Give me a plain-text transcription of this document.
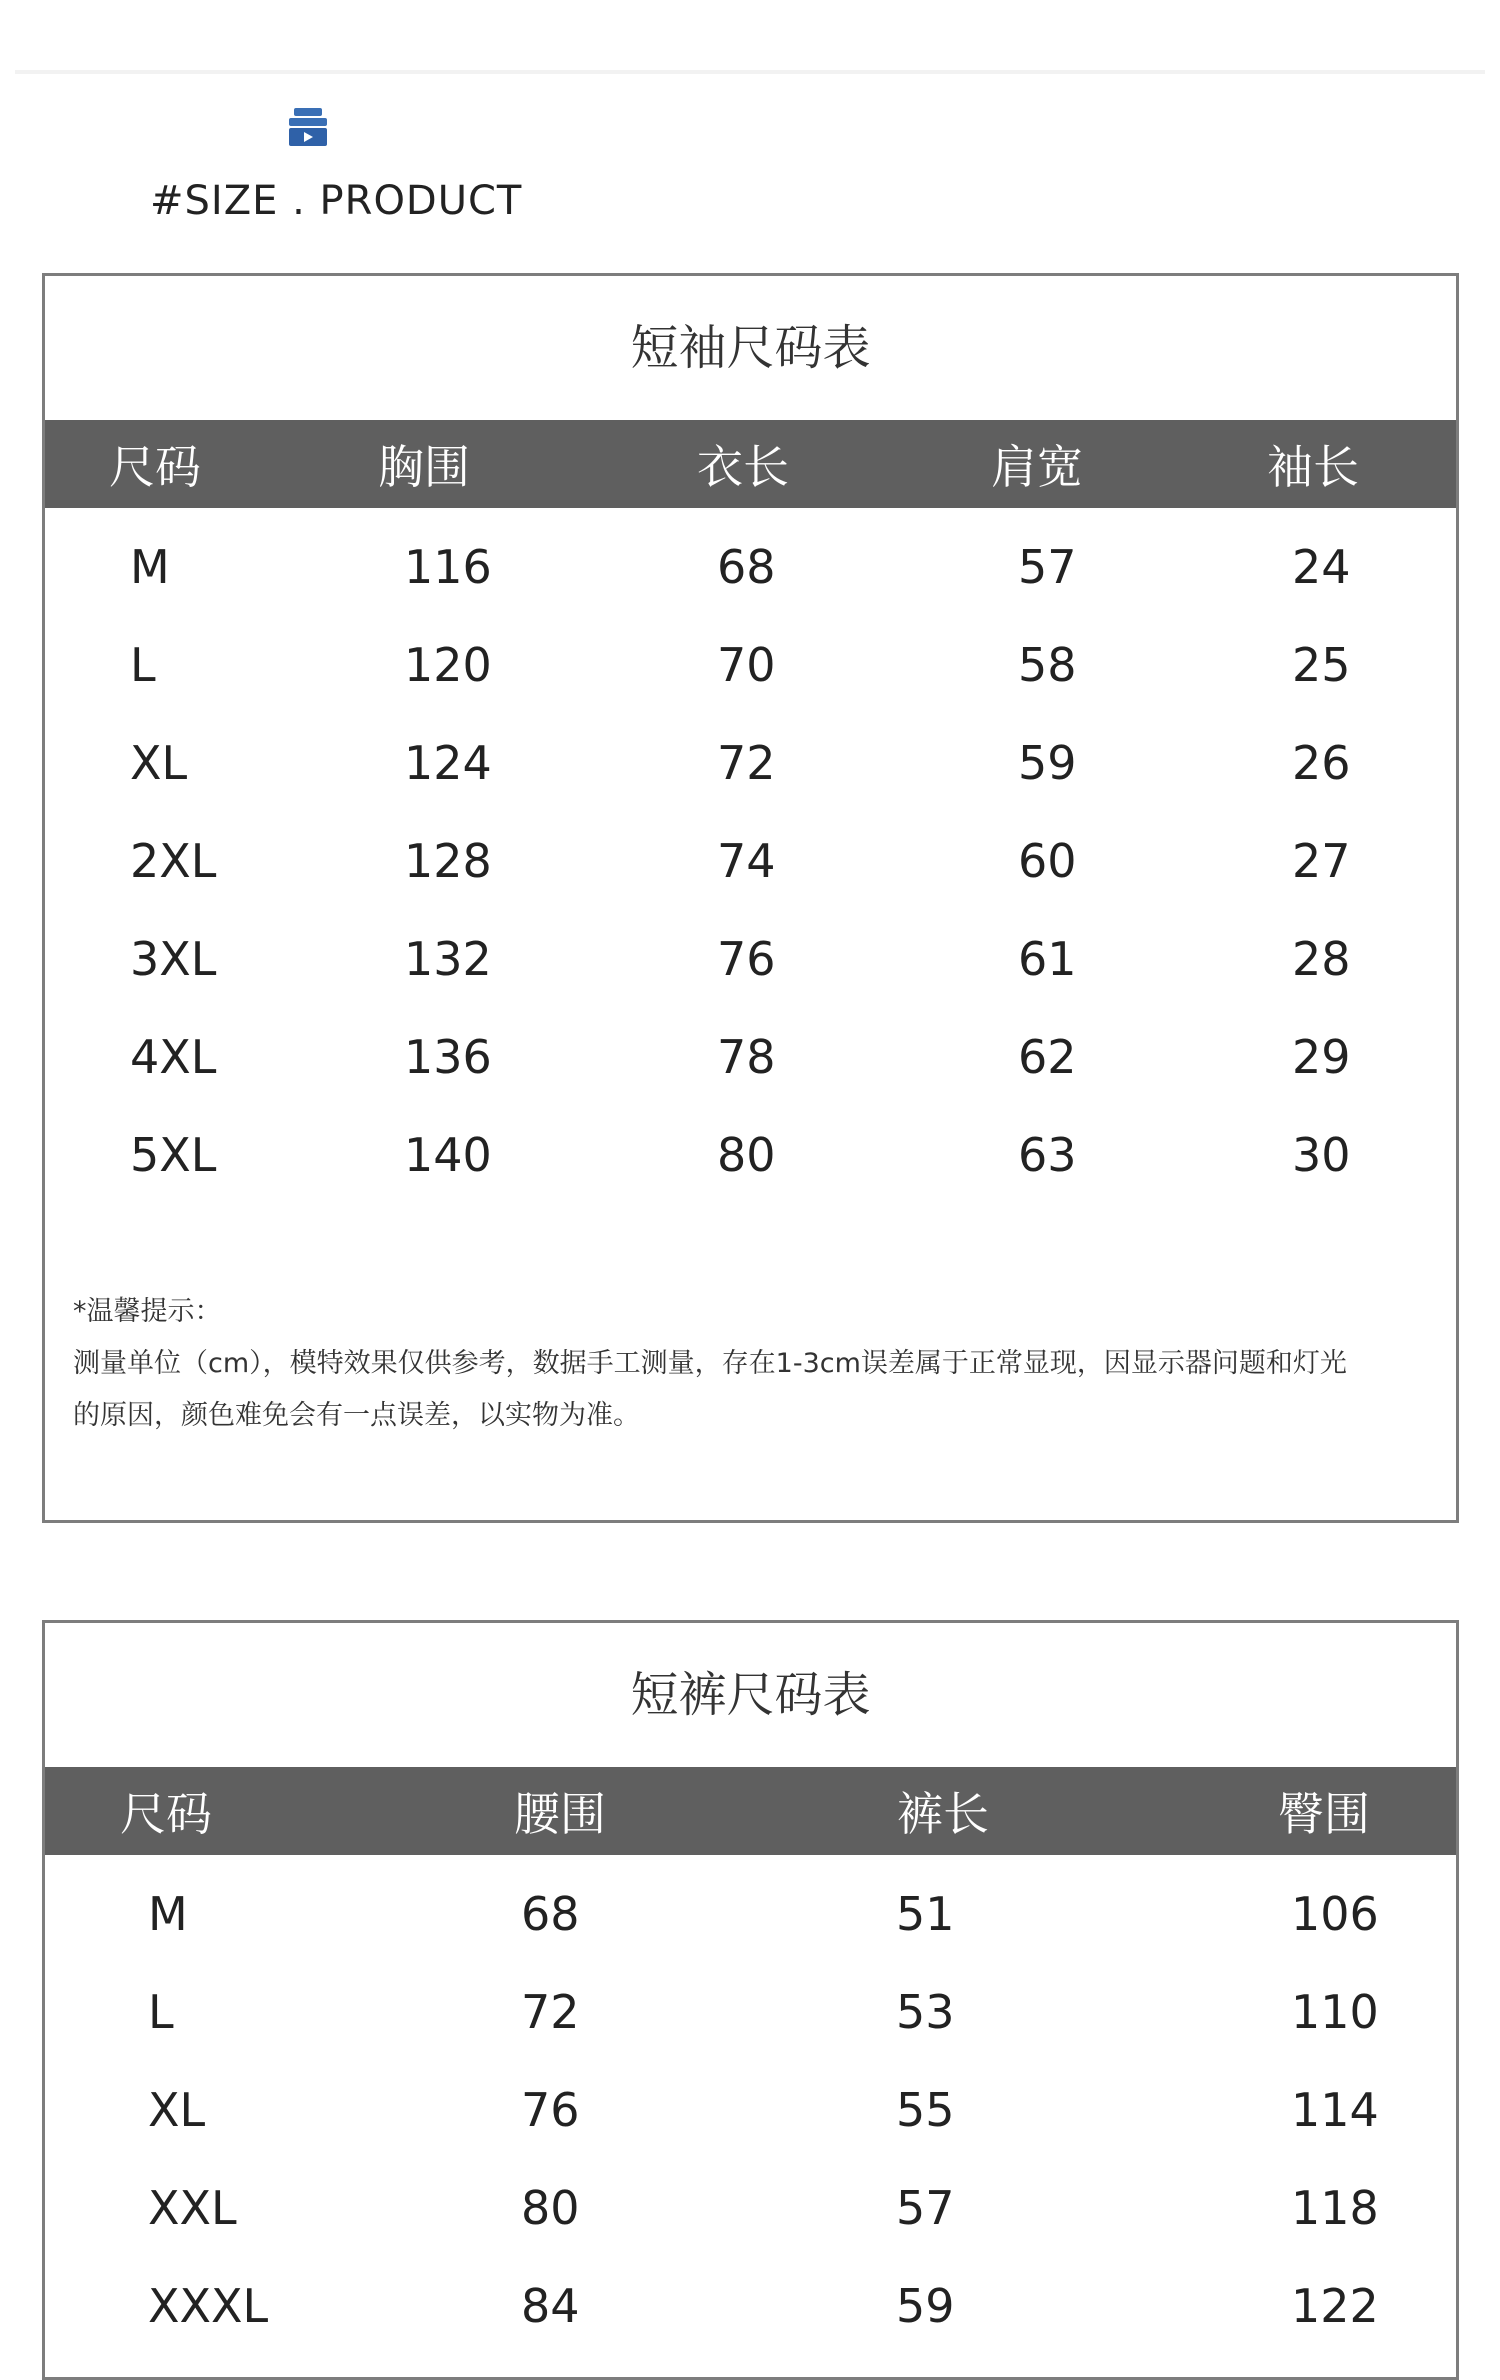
#SIZE . PRODUCT
短袖尺码表
尺码	胸围	衣长	肩宽	袖长
M	116	68	57	24
L	120	70	58	25
XL	124	72	59	26
2XL	128	74	60	27
3XL	132	76	61	28
4XL	136	78	62	29
5XL	140	80	63	30
*温馨提示：
测量单位（cm），模特效果仅供参考，数据手工测量，存在1-3cm误差属于正常显现，因显示器问题和灯光
的原因，颜色难免会有一点误差，以实物为准。
短裤尺码表
尺码	腰围	裤长	臀围
M	68	51	106
L	72	53	110
XL	76	55	114
XXL	80	57	118
XXXL	84	59	122
